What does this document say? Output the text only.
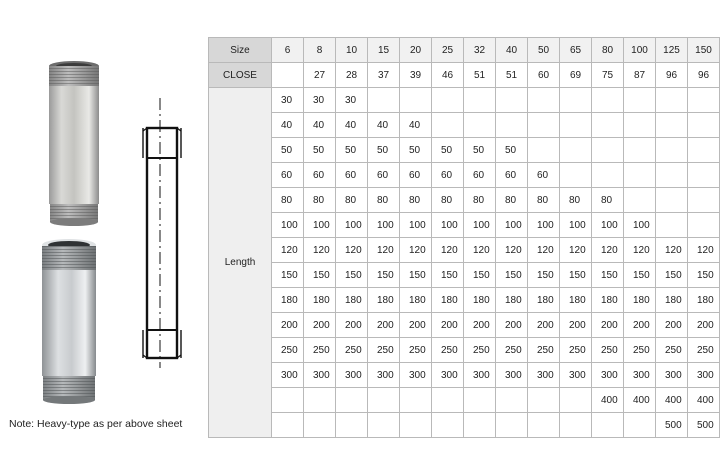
Note: Heavy-type as per above sheet
Size	6	8	10	15	20	25	32	40	50	65	80	100	125	150
CLOSE		27	28	37	39	46	51	51	60	69	75	87	96	96
Length	30	30	30											
	40	40	40	40	40									
	50	50	50	50	50	50	50	50						
	60	60	60	60	60	60	60	60	60					
	80	80	80	80	80	80	80	80	80	80	80			
	100	100	100	100	100	100	100	100	100	100	100	100		
	120	120	120	120	120	120	120	120	120	120	120	120	120	120
	150	150	150	150	150	150	150	150	150	150	150	150	150	150
	180	180	180	180	180	180	180	180	180	180	180	180	180	180
	200	200	200	200	200	200	200	200	200	200	200	200	200	200
	250	250	250	250	250	250	250	250	250	250	250	250	250	250
	300	300	300	300	300	300	300	300	300	300	300	300	300	300
											400	400	400	400
													500	500
